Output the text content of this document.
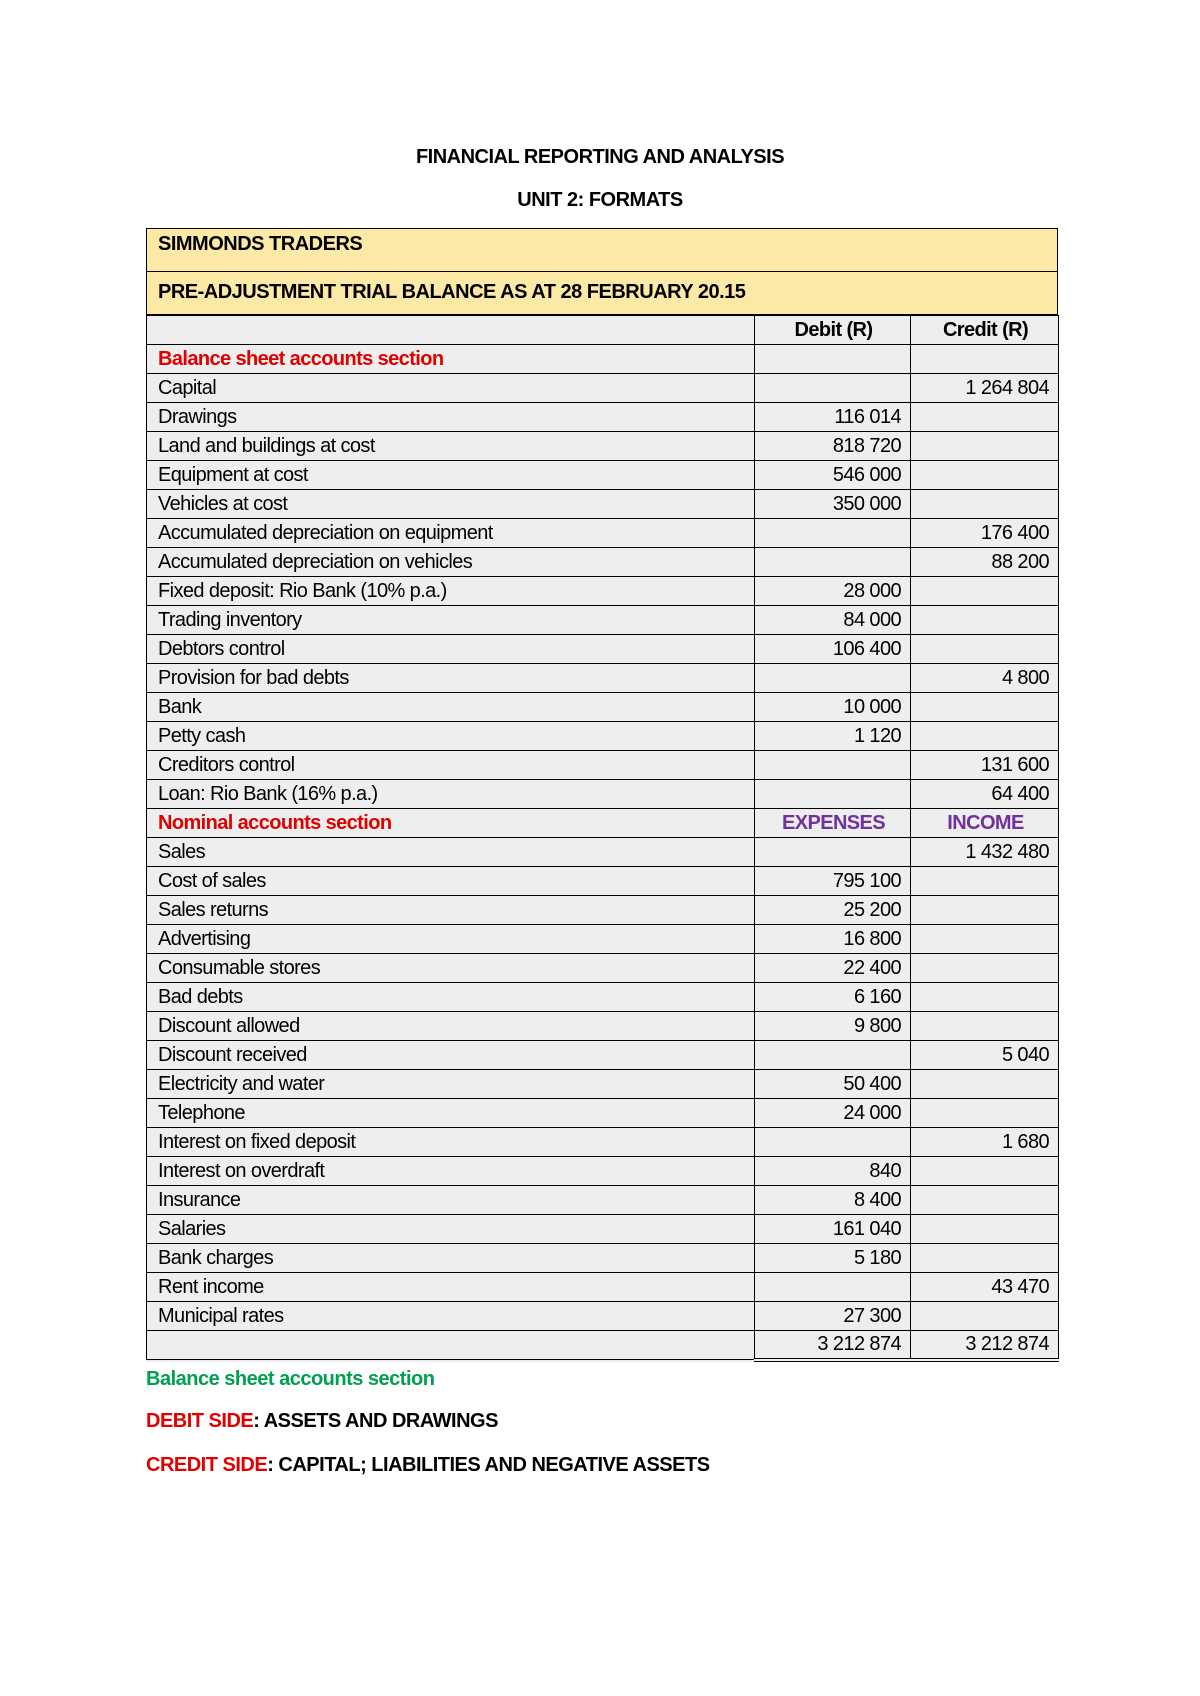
FINANCIAL REPORTING AND ANALYSIS
UNIT 2: FORMATS
SIMMONDS TRADERS
PRE-ADJUSTMENT TRIAL BALANCE AS AT 28 FEBRUARY 20.15
	Debit (R)	Credit (R)
Balance sheet accounts section		
Capital		1 264 804
Drawings	116 014	
Land and buildings at cost	818 720	
Equipment at cost	546 000	
Vehicles at cost	350 000	
Accumulated depreciation on equipment		176 400
Accumulated depreciation on vehicles		88 200
Fixed deposit: Rio Bank (10% p.a.)	28 000	
Trading inventory	84 000	
Debtors control	106 400	
Provision for bad debts		4 800
Bank	10 000	
Petty cash	1 120	
Creditors control		131 600
Loan: Rio Bank (16% p.a.)		64 400
Nominal accounts section	EXPENSES	INCOME
Sales		1 432 480
Cost of sales	795 100	
Sales returns	25 200	
Advertising	16 800	
Consumable stores	22 400	
Bad debts	6 160	
Discount allowed	9 800	
Discount received		5 040
Electricity and water	50 400	
Telephone	24 000	
Interest on fixed deposit		1 680
Interest on overdraft	840	
Insurance	8 400	
Salaries	161 040	
Bank charges	5 180	
Rent income		43 470
Municipal rates	27 300	
	3 212 874	3 212 874
Balance sheet accounts section
DEBIT SIDE: ASSETS AND DRAWINGS
CREDIT SIDE: CAPITAL; LIABILITIES AND NEGATIVE ASSETS
